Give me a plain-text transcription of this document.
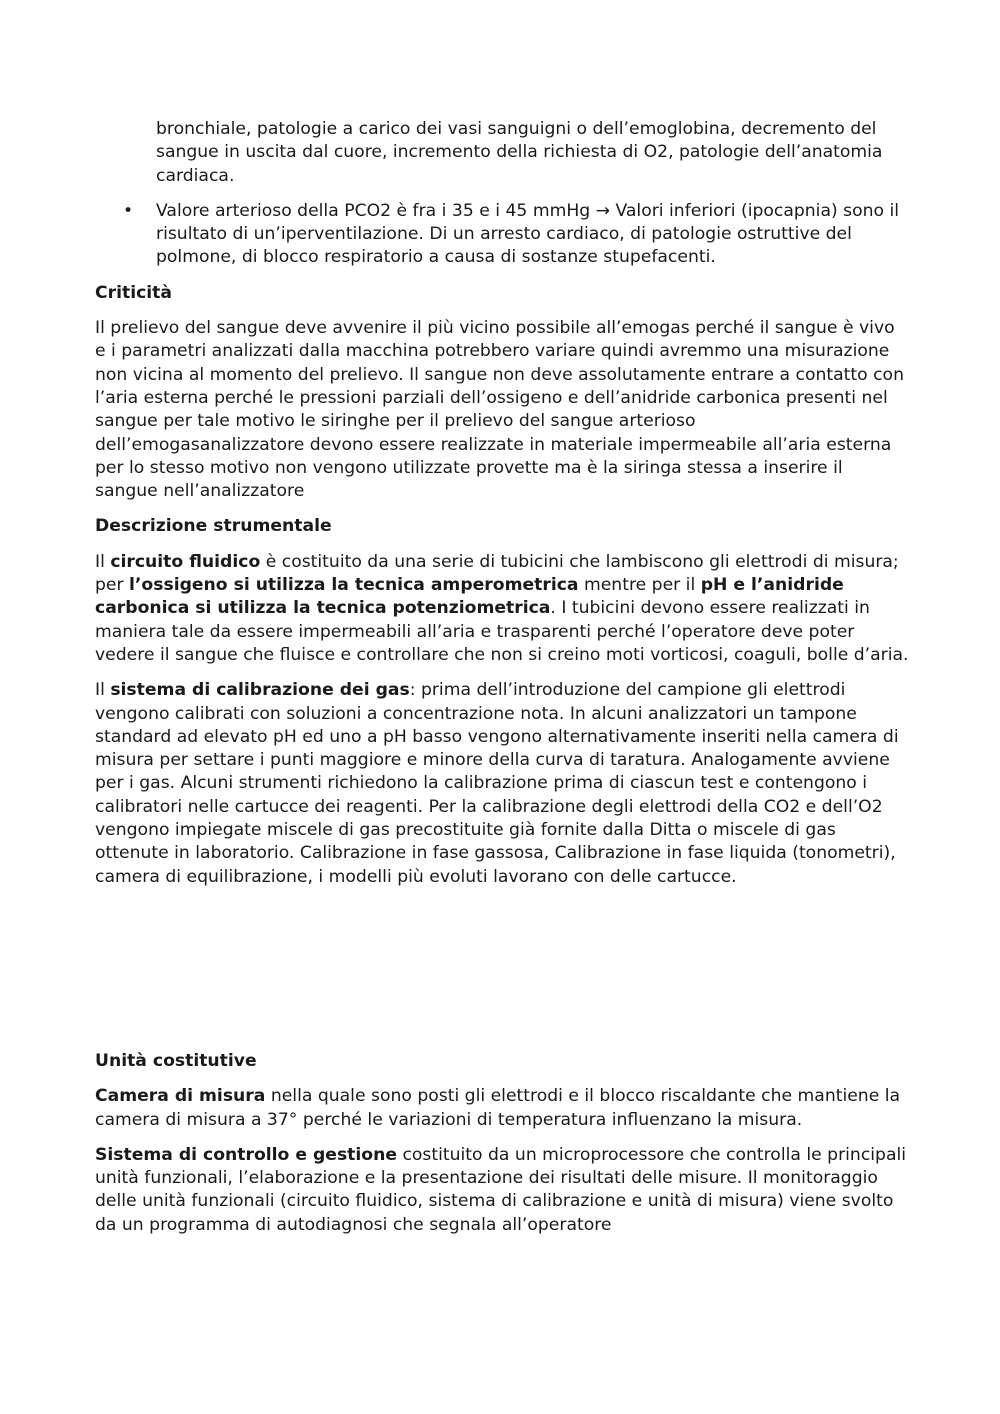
bronchiale, patologie a carico dei vasi sanguigni o dell’emoglobina, decremento del sangue in uscita dal cuore, incremento della richiesta di O2, patologie dell’anatomia cardiaca.
• Valore arterioso della PCO2 è fra i 35 e i 45 mmHg → Valori inferiori (ipocapnia) sono il risultato di un’iperventilazione. Di un arresto cardiaco, di patologie ostruttive del polmone, di blocco respiratorio a causa di sostanze stupefacenti.
Criticità

Il prelievo del sangue deve avvenire il più vicino possibile all’emogas perché il sangue è vivo e i parametri analizzati dalla macchina potrebbero variare quindi avremmo una misurazione non vicina al momento del prelievo. Il sangue non deve assolutamente entrare a contatto con l’aria esterna perché le pressioni parziali dell’ossigeno e dell’anidride carbonica presenti nel sangue per tale motivo le siringhe per il prelievo del sangue arterioso dell’emogasanalizzatore devono essere realizzate in materiale impermeabile all’aria esterna per lo stesso motivo non vengono utilizzate provette ma è la siringa stessa a inserire il sangue nell’analizzatore

Descrizione strumentale

Il circuito fluidico è costituito da una serie di tubicini che lambiscono gli elettrodi di misura; per l’ossigeno si utilizza la tecnica amperometrica mentre per il pH e l’anidride carbonica si utilizza la tecnica potenziometrica. I tubicini devono essere realizzati in maniera tale da essere impermeabili all’aria e trasparenti perché l’operatore deve poter vedere il sangue che fluisce e controllare che non si creino moti vorticosi, coaguli, bolle d’aria.

Il sistema di calibrazione dei gas: prima dell’introduzione del campione gli elettrodi vengono calibrati con soluzioni a concentrazione nota. In alcuni analizzatori un tampone standard ad elevato pH ed uno a pH basso vengono alternativamente inseriti nella camera di misura per settare i punti maggiore e minore della curva di taratura. Analogamente avviene per i gas. Alcuni strumenti richiedono la calibrazione prima di ciascun test e contengono i calibratori nelle cartucce dei reagenti. Per la calibrazione degli elettrodi della CO2 e dell’O2 vengono impiegate miscele di gas precostituite già fornite dalla Ditta o miscele di gas ottenute in laboratorio. Calibrazione in fase gassosa, Calibrazione in fase liquida (tonometri), camera di equilibrazione, i modelli più evoluti lavorano con delle cartucce.

Unità costitutive

Camera di misura nella quale sono posti gli elettrodi e il blocco riscaldante che mantiene la camera di misura a 37° perché le variazioni di temperatura influenzano la misura.

Sistema di controllo e gestione costituito da un microprocessore che controlla le principali unità funzionali, l’elaborazione e la presentazione dei risultati delle misure. Il monitoraggio delle unità funzionali (circuito fluidico, sistema di calibrazione e unità di misura) viene svolto da un programma di autodiagnosi che segnala all’operatore
